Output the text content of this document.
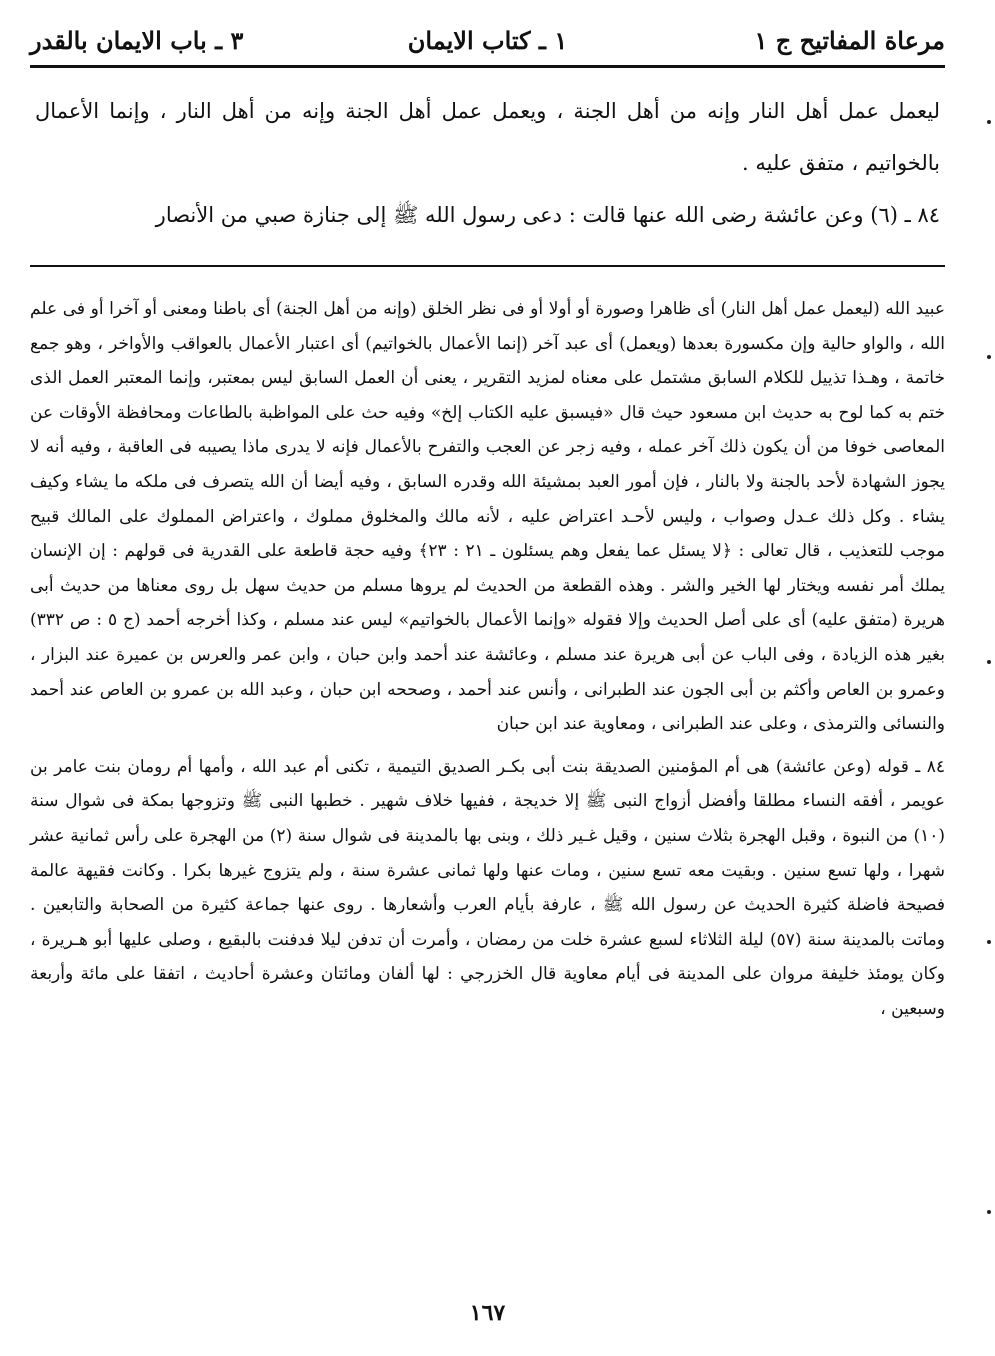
مرعاة المفاتيح ج ١
١ ـ كتاب الايمان
٣ ـ باب الايمان بالقدر

ليعمل عمل أهل النار وإنه من أهل الجنة ، ويعمل عمل أهل الجنة وإنه من أهل النار ، وإنما الأعمال بالخواتيم ، متفق عليه .

٨٤ ـ (٦) وعن عائشة رضى الله عنها قالت : دعى رسول الله ﷺ إلى جنازة صبي من الأنصار

عبيد الله (ليعمل عمل أهل النار) أى ظاهرا وصورة أو أولا أو فى نظر الخلق (وإنه من أهل الجنة) أى باطنا ومعنى أو آخرا أو فى علم الله ، والواو حالية وإن مكسورة بعدها (ويعمل) أى عبد آخر (إنما الأعمال بالخواتيم) أى اعتبار الأعمال بالعواقب والأواخر ، وهو جمع خاتمة ، وهـذا تذييل للكلام السابق مشتمل على معناه لمزيد التقرير ، يعنى أن العمل السابق ليس بمعتبر، وإنما المعتبر العمل الذى ختم به كما لوح به حديث ابن مسعود حيث قال «فيسبق عليه الكتاب إلخ» وفيه حث على المواظبة بالطاعات ومحافظة الأوقات عن المعاصى خوفا من أن يكون ذلك آخر عمله ، وفيه زجر عن العجب والتفرح بالأعمال فإنه لا يدرى ماذا يصيبه فى العاقبة ، وفيه أنه لا يجوز الشهادة لأحد بالجنة ولا بالنار ، فإن أمور العبد بمشيئة الله وقدره السابق ، وفيه أيضا أن الله يتصرف فى ملكه ما يشاء وكيف يشاء . وكل ذلك عـدل وصواب ، وليس لأحـد اعتراض عليه ، لأنه مالك والمخلوق مملوك ، واعتراض المملوك على المالك قبيح موجب للتعذيب ، قال تعالى : ﴿لا يسئل عما يفعل وهم يسئلون ـ ٢١ : ٢٣﴾ وفيه حجة قاطعة على القدرية فى قولهم : إن الإنسان يملك أمر نفسه ويختار لها الخير والشر . وهذه القطعة من الحديث لم يروها مسلم من حديث سهل بل روى معناها من حديث أبى هريرة (متفق عليه) أى على أصل الحديث وإلا فقوله «وإنما الأعمال بالخواتيم» ليس عند مسلم ، وكذا أخرجه أحمد (ج ٥ : ص ٣٣٢) بغير هذه الزيادة ، وفى الباب عن أبى هريرة عند مسلم ، وعائشة عند أحمد وابن حبان ، وابن عمر والعرس بن عميرة عند البزار ، وعمرو بن العاص وأكثم بن أبى الجون عند الطبرانى ، وأنس عند أحمد ، وصححه ابن حبان ، وعبد الله بن عمرو بن العاص عند أحمد والنسائى والترمذى ، وعلى عند الطبرانى ، ومعاوية عند ابن حبان

٨٤ ـ قوله (وعن عائشة) هى أم المؤمنين الصديقة بنت أبى بكـر الصديق التيمية ، تكنى أم عبد الله ، وأمها أم رومان بنت عامر بن عويمر ، أفقه النساء مطلقا وأفضل أزواج النبى ﷺ إلا خديجة ، ففيها خلاف شهير . خطبها النبى ﷺ وتزوجها بمكة فى شوال سنة (١٠) من النبوة ، وقبل الهجرة بثلاث سنين ، وقيل غـير ذلك ، وبنى بها بالمدينة فى شوال سنة (٢) من الهجرة على رأس ثمانية عشر شهرا ، ولها تسع سنين . وبقيت معه تسع سنين ، ومات عنها ولها ثمانى عشرة سنة ، ولم يتزوج غيرها بكرا . وكانت فقيهة عالمة فصيحة فاضلة كثيرة الحديث عن رسول الله ﷺ ، عارفة بأيام العرب وأشعارها . روى عنها جماعة كثيرة من الصحابة والتابعين . وماتت بالمدينة سنة (٥٧) ليلة الثلاثاء لسبع عشرة خلت من رمضان ، وأمرت أن تدفن ليلا فدفنت بالبقيع ، وصلى عليها أبو هـريرة ، وكان يومئذ خليفة مروان على المدينة فى أيام معاوية قال الخزرجي : لها ألفان ومائتان وعشرة أحاديث ، اتفقا على مائة وأربعة وسبعين ،

١٦٧
